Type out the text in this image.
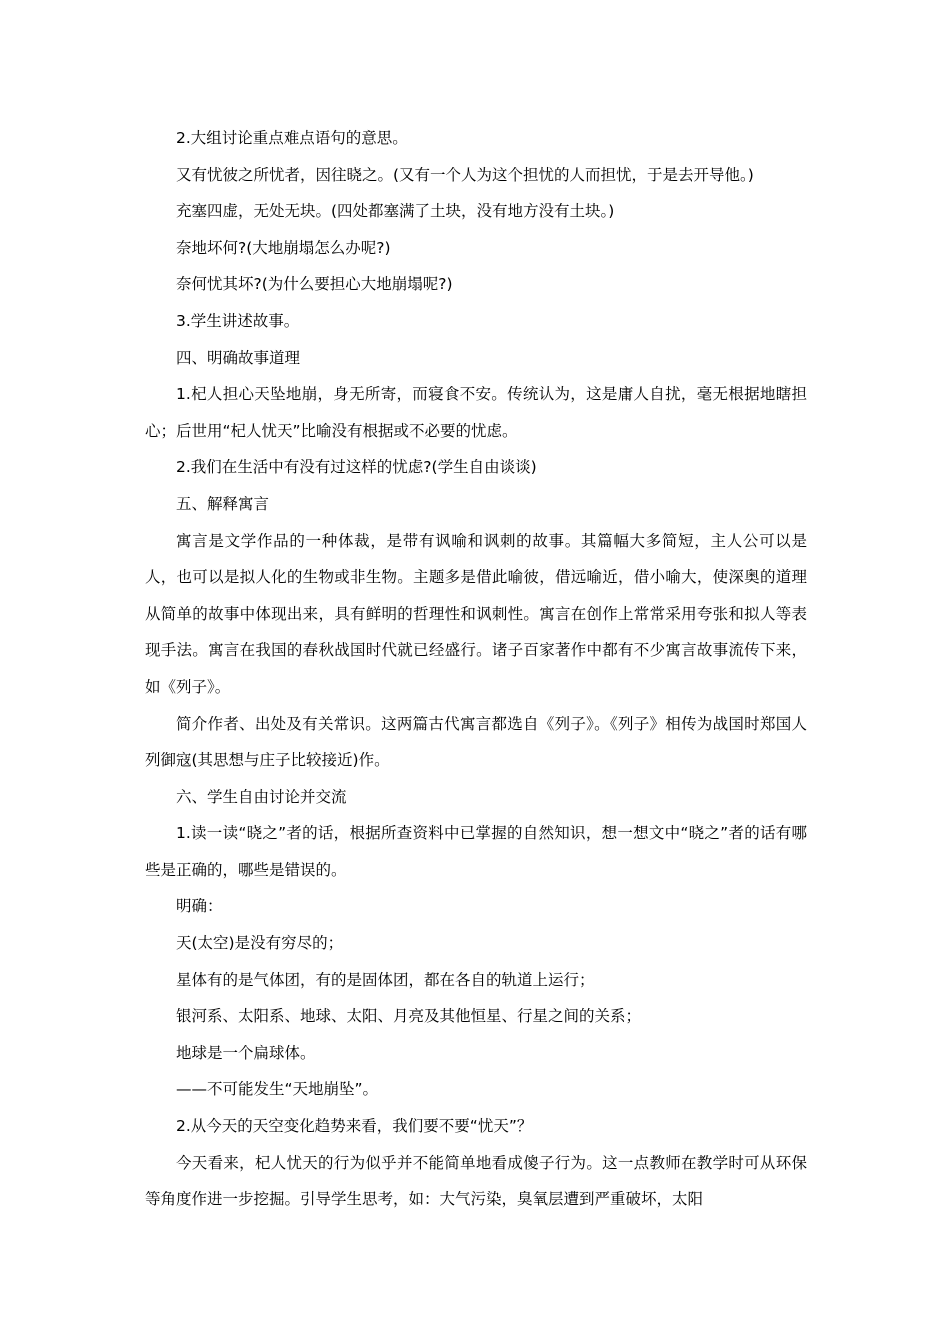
2.大组讨论重点难点语句的意思。

又有忧彼之所忧者，因往晓之。(又有一个人为这个担忧的人而担忧，于是去开导他。)

充塞四虚，无处无块。(四处都塞满了土块，没有地方没有土块。)

奈地坏何?(大地崩塌怎么办呢?)

奈何忧其坏?(为什么要担心大地崩塌呢?)

3.学生讲述故事。

四、明确故事道理

1.杞人担心天坠地崩，身无所寄，而寝食不安。传统认为，这是庸人自扰，毫无根据地瞎担心；后世用“杞人忧天”比喻没有根据或不必要的忧虑。

2.我们在生活中有没有过这样的忧虑?(学生自由谈谈)

五、解释寓言

寓言是文学作品的一种体裁，是带有讽喻和讽刺的故事。其篇幅大多简短，主人公可以是人，也可以是拟人化的生物或非生物。主题多是借此喻彼，借远喻近，借小喻大，使深奥的道理从简单的故事中体现出来，具有鲜明的哲理性和讽刺性。寓言在创作上常常采用夸张和拟人等表现手法。寓言在我国的春秋战国时代就已经盛行。诸子百家著作中都有不少寓言故事流传下来，如《列子》。

简介作者、出处及有关常识。这两篇古代寓言都选自《列子》。《列子》相传为战国时郑国人列御寇(其思想与庄子比较接近)作。

六、学生自由讨论并交流

1.读一读“晓之”者的话，根据所查资料中已掌握的自然知识，想一想文中“晓之”者的话有哪些是正确的，哪些是错误的。

明确：

天(太空)是没有穷尽的；

星体有的是气体团，有的是固体团，都在各自的轨道上运行；

银河系、太阳系、地球、太阳、月亮及其他恒星、行星之间的关系；

地球是一个扁球体。

——不可能发生“天地崩坠”。

2.从今天的天空变化趋势来看，我们要不要“忧天”？

今天看来，杞人忧天的行为似乎并不能简单地看成傻子行为。这一点教师在教学时可从环保等角度作进一步挖掘。引导学生思考，如：大气污染，臭氧层遭到严重破坏，太阳
